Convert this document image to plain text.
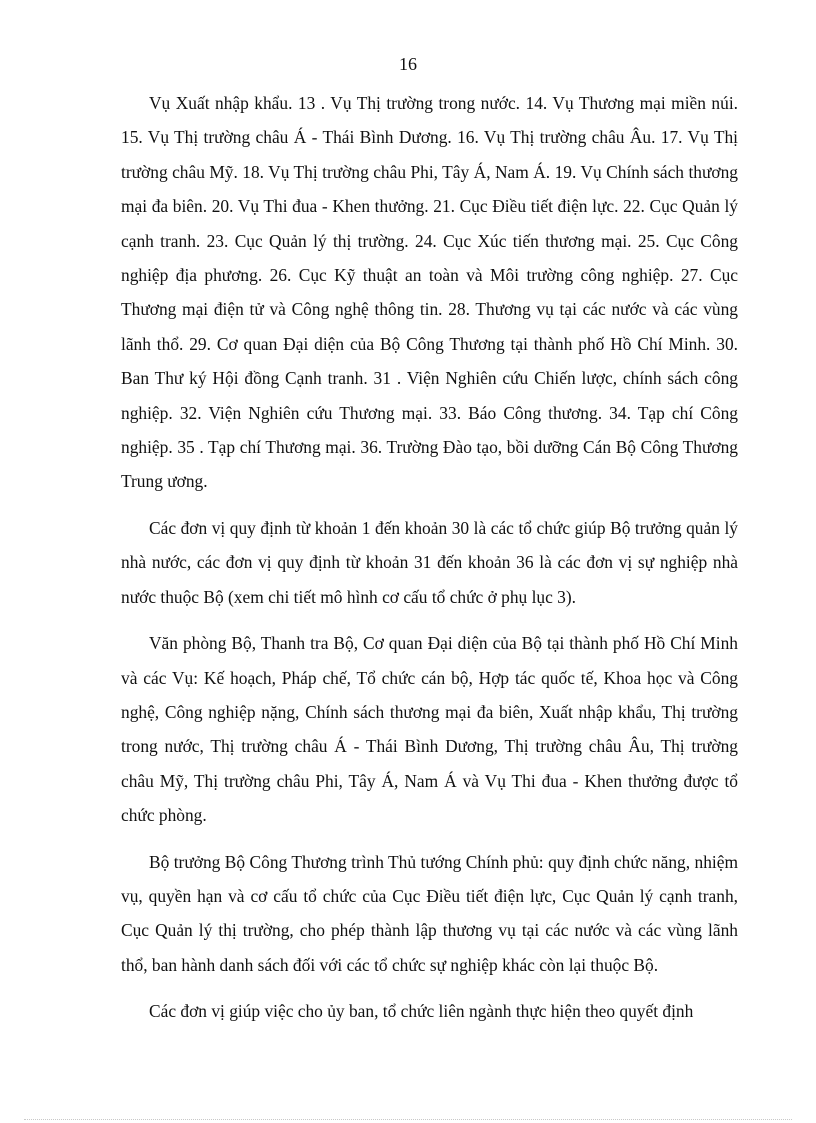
16

Vụ Xuất nhập khẩu. 13 . Vụ Thị trường trong nước. 14. Vụ Thương mại miền núi. 15. Vụ Thị trường châu Á - Thái Bình Dương. 16. Vụ Thị trường châu Âu. 17. Vụ Thị trường châu Mỹ. 18. Vụ Thị trường châu Phi, Tây Á, Nam Á. 19. Vụ Chính sách thương mại đa biên. 20. Vụ Thi đua - Khen thưởng. 21. Cục Điều tiết điện lực. 22. Cục Quản lý cạnh tranh. 23. Cục Quản lý thị trường. 24. Cục Xúc tiến thương mại. 25. Cục Công nghiệp địa phương. 26. Cục Kỹ thuật an toàn và Môi trường công nghiệp. 27. Cục Thương mại điện tử và Công nghệ thông tin. 28. Thương vụ tại các nước và các vùng lãnh thổ. 29. Cơ quan Đại diện của Bộ Công Thương tại thành phố Hồ Chí Minh. 30. Ban Thư ký Hội đồng Cạnh tranh. 31 . Viện Nghiên cứu Chiến lược, chính sách công nghiệp. 32. Viện Nghiên cứu Thương mại. 33. Báo Công thương. 34. Tạp chí Công nghiệp. 35 . Tạp chí Thương mại. 36. Trường Đào tạo, bồi dưỡng Cán Bộ Công Thương Trung ương.

Các đơn vị quy định từ khoản 1 đến khoản 30 là các tổ chức giúp Bộ trưởng quản lý nhà nước, các đơn vị quy định từ khoản 31 đến khoản 36 là các đơn vị sự nghiệp nhà nước thuộc Bộ (xem chi tiết mô hình cơ cấu tổ chức ở phụ lục 3).

Văn phòng Bộ, Thanh tra Bộ, Cơ quan Đại diện của Bộ tại thành phố Hồ Chí Minh và các Vụ: Kế hoạch, Pháp chế, Tổ chức cán bộ, Hợp tác quốc tế, Khoa học và Công nghệ, Công nghiệp nặng, Chính sách thương mại đa biên, Xuất nhập khẩu, Thị trường trong nước, Thị trường châu Á - Thái Bình Dương, Thị trường châu Âu, Thị trường châu Mỹ, Thị trường châu Phi, Tây Á, Nam Á và Vụ Thi đua - Khen thưởng được tổ chức phòng.

Bộ trưởng Bộ Công Thương trình Thủ tướng Chính phủ: quy định chức năng, nhiệm vụ, quyền hạn và cơ cấu tổ chức của Cục Điều tiết điện lực, Cục Quản lý cạnh tranh, Cục Quản lý thị trường, cho phép thành lập thương vụ tại các nước và các vùng lãnh thổ, ban hành danh sách đối với các tổ chức sự nghiệp khác còn lại thuộc Bộ.

Các đơn vị giúp việc cho ủy ban, tổ chức liên ngành thực hiện theo quyết định
